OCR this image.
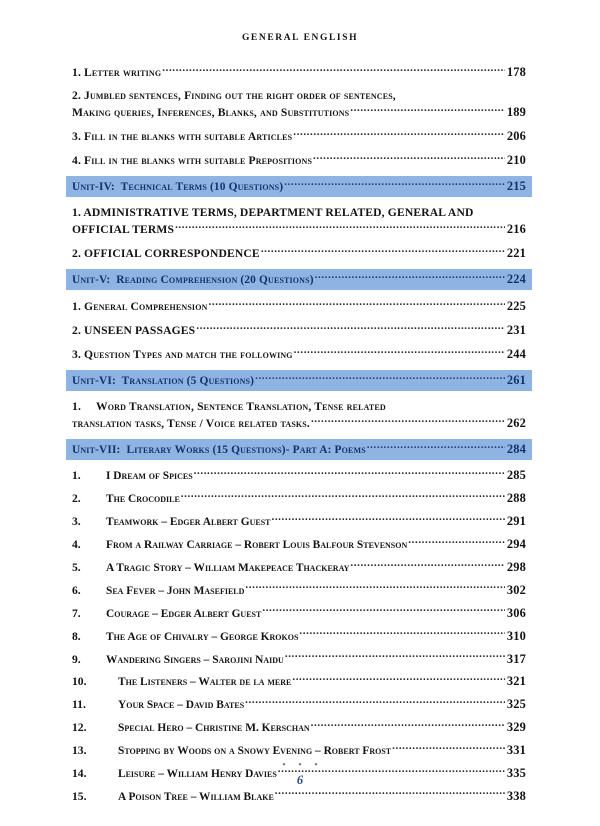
GENERAL ENGLISH
1. Letter writing .....	178
2. Jumbled sentences, Finding out the right order of sentences,
Making queries, Inferences, Blanks, and Substitutions .....	189
3. Fill in the blanks with suitable Articles .....	206
4. Fill in the blanks with suitable Prepositions .....	210
Unit-IV:  Technical Terms (10 Questions) .....	215
1. ADMINISTRATIVE TERMS, DEPARTMENT RELATED, GENERAL AND
OFFICIAL TERMS .....	216
2. OFFICIAL CORRESPONDENCE .....	221
Unit-V:  Reading Comprehension (20 Questions) .....	224
1. General Comprehension .....	225
2. UNSEEN PASSAGES .....	231
3. Question Types and match the following .....	244
Unit-VI:  Translation (5 Questions) .....	261
1.     Word Translation, Sentence Translation, Tense related
translation tasks, Tense / Voice related tasks. .....	262
Unit-VII:  Literary Works (15 Questions)- Part A: Poems .....	284
1.	I Dream of Spices .....	285
2.	The Crocodile .....	288
3.	Teamwork – Edger Albert Guest .....	291
4.	From a Railway Carriage – Robert Louis Balfour Stevenson .....	294
5.	A Tragic Story – William Makepeace Thackeray .....	298
6.	Sea Fever – John Masefield .....	302
7.	Courage – Edger Albert Guest .....	306
8.	The Age of Chivalry – George Krokos .....	310
9.	Wandering Singers – Sarojini Naidu .....	317
10.	The Listeners – Walter de la mere .....	321
11.	Your Space – David Bates .....	325
12.	Special Hero – Christine M. Kerschan .....	329
13.	Stopping by Woods on a Snowy Evening – Robert Frost .....	331
14.	Leisure – William Henry Davies .....	335
15.	A Poison Tree – William Blake .....	338
• • •
6
